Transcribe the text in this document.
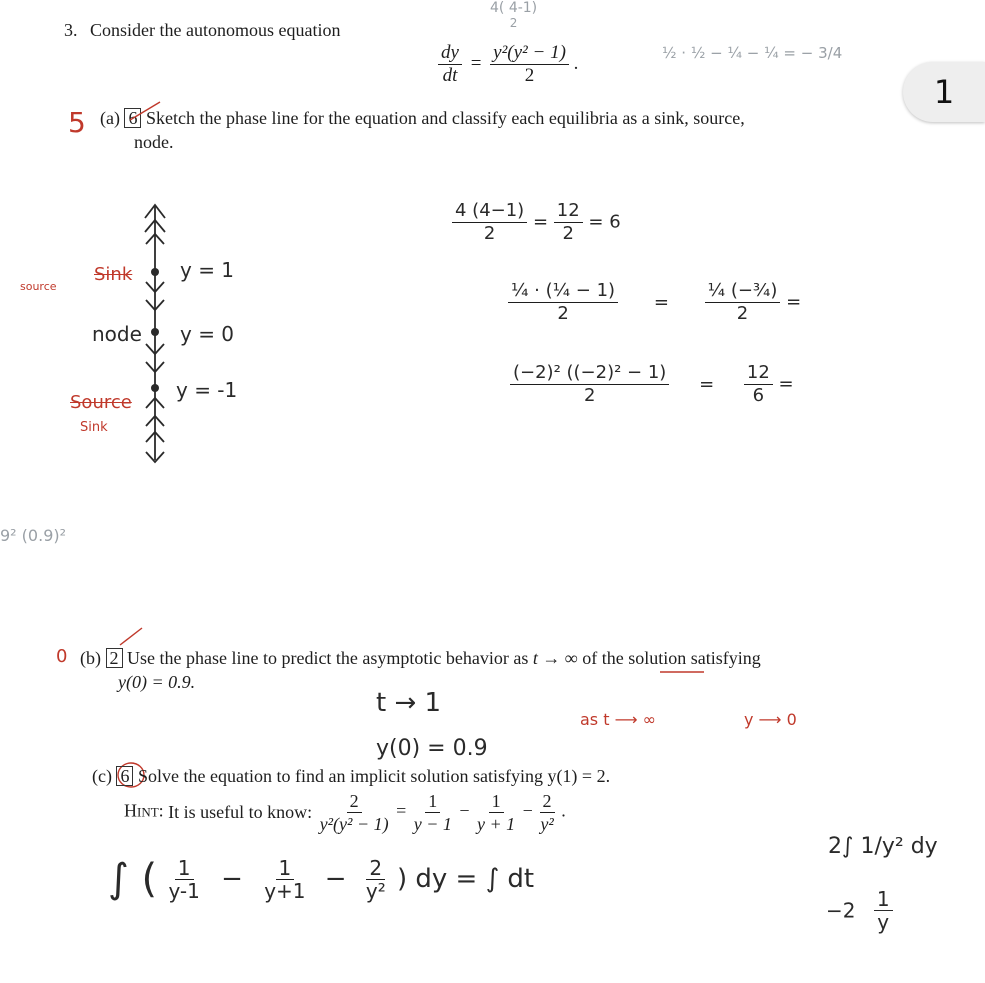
1
3. Consider the autonomous equation
$\frac{dy}{dt} = \frac{\text{y²(y² − 1)}}{2}$ .
4( 4-1)
2
½ · ½ − ¼ − ¼ = − 3/4
5 (a) 6 Sketch the phase line for the equation and classify each equilibria as a sink, source,
node.
source
Sink y = 1
node y = 0
Source
Sink
y = -1
$\frac{4 (4-1)}{2} = \frac{12}{2} = 6$
$\frac{\text{¼ · (¼ − 1)}}{2} = \frac{\text{¼ (−¾)}}{2}$ =
$\frac{\text{(−2)² ((−2)² − 1)}}{2} = \frac{12}{6}$ =
9² (0.9)²
0 (b) 2 Use the phase line to predict the asymptotic behavior as t → ∞ of the solution satisfying
y(0) = 0.9.
t → 1
y(0) = 0.9
as t ⟶ ∞	y ⟶ 0
(c) 6 Solve the equation to find an implicit solution satisfying y(1) = 2.
Hint: It is useful to know: $\frac{2}{\text{y²(y² − 1)}} = \frac{1}{y - 1} - \frac{1}{y + 1} - \frac{2}{\text{y²}}$ .
∫ ( $\frac{1}{y-1} - \frac{1}{y+1} - \frac{2}{\text{y²}}$ ) dy = ∫ dt
2∫ 1/y² dy
$-2 \frac{1}{y}$
